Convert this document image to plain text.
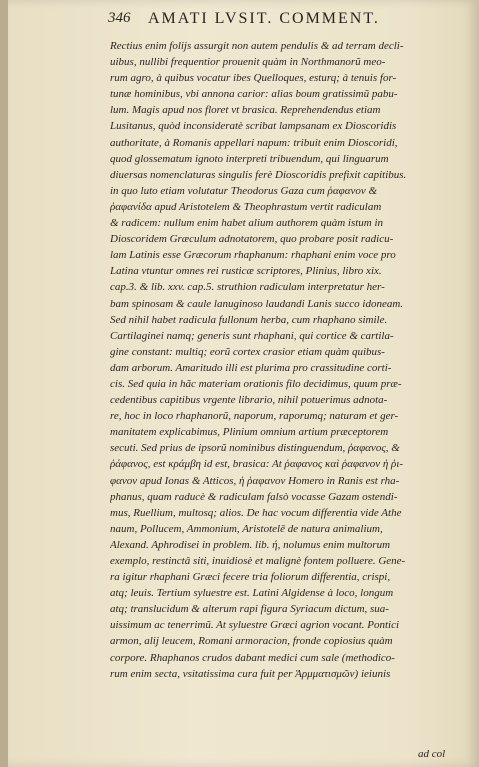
346 AMATI LVSIT. COMMENT.
Rectius enim folijs assurgit non autem pendulis & ad terram decli-
uibus, nullibi frequentior prouenit quàm in Northmanorũ meo-
rum agro, à quibus vocatur ibes Quelloques, esturq; à tenuis for-
tunæ hominibus, vbi annona carior: alias boum gratissimũ pabu-
lum. Magis apud nos floret vt brasica. Reprehendendus etiam
Lusitanus, quòd inconsideratè scribat lampsanam ex Dioscoridis
authoritate, à Romanis appellari napum: tribuit enim Dioscoridi,
quod glossematum ignoto interpreti tribuendum, qui linguarum
diuersas nomenclaturas singulis ferè Dioscoridis prefixit capitibus.
in quo luto etiam volutatur Theodorus Gaza cum ῥαφανον &
ῥαφανίδα apud Aristotelem & Theophrastum vertit radiculam
& radicem: nullum enim habet alium authorem quàm istum in
Dioscoridem Græculum adnotatorem, quo probare posit radicu-
lam Latinis esse Græcorum rhaphanum: rhaphani enim voce pro
Latina vtuntur omnes rei rusticæ scriptores, Plinius, libro xix.
cap.3. & lib. xxv. cap.5. struthion radiculam interpretatur her-
bam spinosam & caule lanuginoso laudandi Lanis succo idoneam.
Sed nihil habet radicula fullonum herba, cum rhaphano simile.
Cartilaginei namq; generis sunt rhaphani, qui cortice & cartila-
gine constant: multiq; eorũ cortex crasior etiam quàm quibus-
dam arborum. Amaritudo illi est plurima pro crassitudine corti-
cis. Sed quia in hãc materiam orationis filo decidimus, quum præ-
cedentibus capitibus vrgente librario, nihil potuerimus adnota-
re, hoc in loco rhaphanorũ, naporum, raporumq; naturam et ger-
manitatem explicabimus, Plinium omnium artium præceptorem
secuti. Sed prius de ipsorũ nominibus distinguendum, ῥαφανος, &
ῥάφανος, est κράμβη id est, brasica: At ῥαφανος καὶ ῥαφανον ἡ ῥι-
φανον apud Ionas & Atticos, ἡ ῥαφανον Homero in Ranis est rha-
phanus, quam raducè & radiculam falsò vocasse Gazam ostendi-
mus, Ruellium, multosq; alios. De hac vocum differentia vide Athe
naum, Pollucem, Ammonium, Aristotelē de natura animalium,
Alexand. Aphrodisei in problem. lib. ή, nolumus enim multorum
exemplo, restinctâ siti, inuidiosè et malignè fontem polluere. Gene-
ra igitur rhaphani Græci fecere tria foliorum differentia, crispi,
atq; leuis. Tertium syluestre est. Latini Algidense à loco, longum
atq; translucidum & alterum rapi figura Syriacum dictum, sua-
uissimum ac tenerrimũ. At syluestre Græci agrion vocant. Pontici
armon, alij leucem, Romani armoracion, fronde copiosius quàm
corpore. Rhaphanos crudos dabant medici cum sale (methodico-
rum enim secta, vsitatissima cura fuit per Ἀρμματισμῶν) ieiunis
ad col
